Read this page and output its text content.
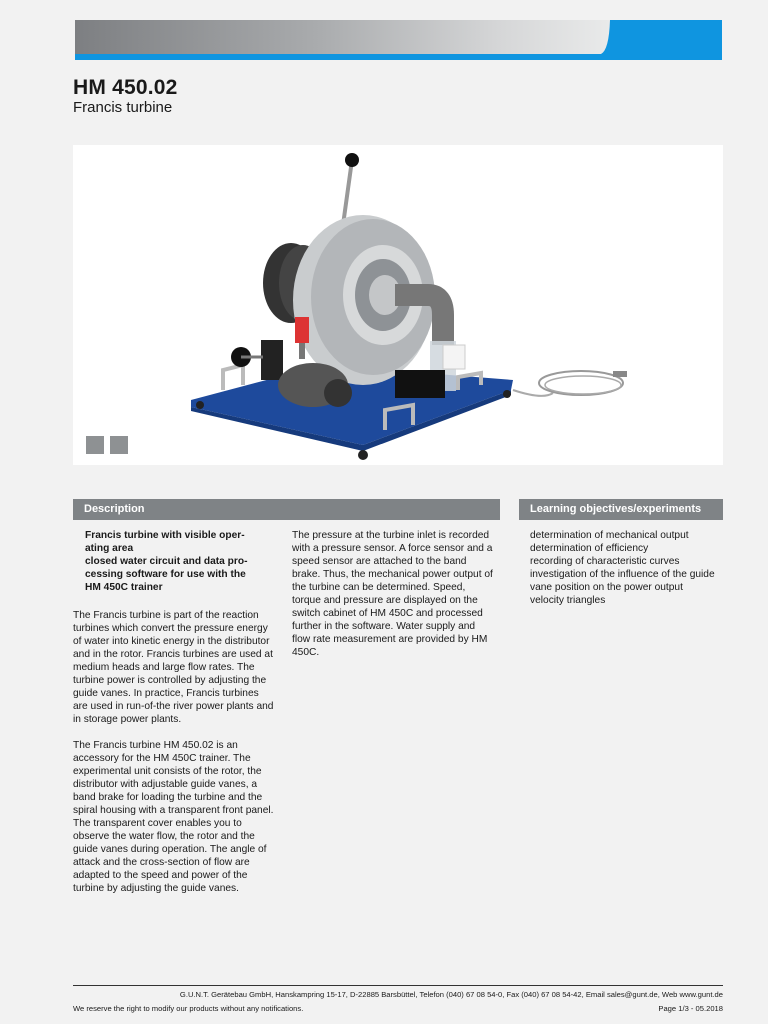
HM 450.02
Francis turbine
Description	Learning objectives/experiments
Francis turbine with visible oper-
ating area
closed water circuit and data pro-
cessing software for use with the
HM 450C trainer

The Francis turbine is part of the reaction turbines which convert the pressure energy of water into kinetic energy in the distributor and in the rotor. Francis turbines are used at medium heads and large flow rates. The turbine power is controlled by adjusting the guide vanes. In practice, Francis turbines are used in run-of-the river power plants and in storage power plants.

The Francis turbine HM 450.02 is an accessory for the HM 450C trainer. The experimental unit consists of the rotor, the distributor with adjustable guide vanes, a band brake for loading the turbine and the spiral housing with a transparent front panel. The transparent cover enables you to observe the water flow, the rotor and the guide vanes during operation. The angle of attack and the cross-section of flow are adapted to the speed and power of the turbine by adjusting the guide vanes.

The pressure at the turbine inlet is recorded with a pressure sensor. A force sensor and a speed sensor are attached to the band brake. Thus, the mechanical power output of the turbine can be determined. Speed, torque and pressure are displayed on the switch cabinet of HM 450C and processed further in the software. Water supply and flow rate measurement are provided by HM 450C.

determination of mechanical output
determination of efficiency
recording of characteristic curves
investigation of the influence of the guide vane position on the power output
velocity triangles
G.U.N.T. Gerätebau GmbH, Hanskampring 15-17, D-22885 Barsbüttel, Telefon (040) 67 08 54-0, Fax (040) 67 08 54-42, Email sales@gunt.de, Web www.gunt.de
We reserve the right to modify our products without any notifications.	Page 1/3 - 05.2018
